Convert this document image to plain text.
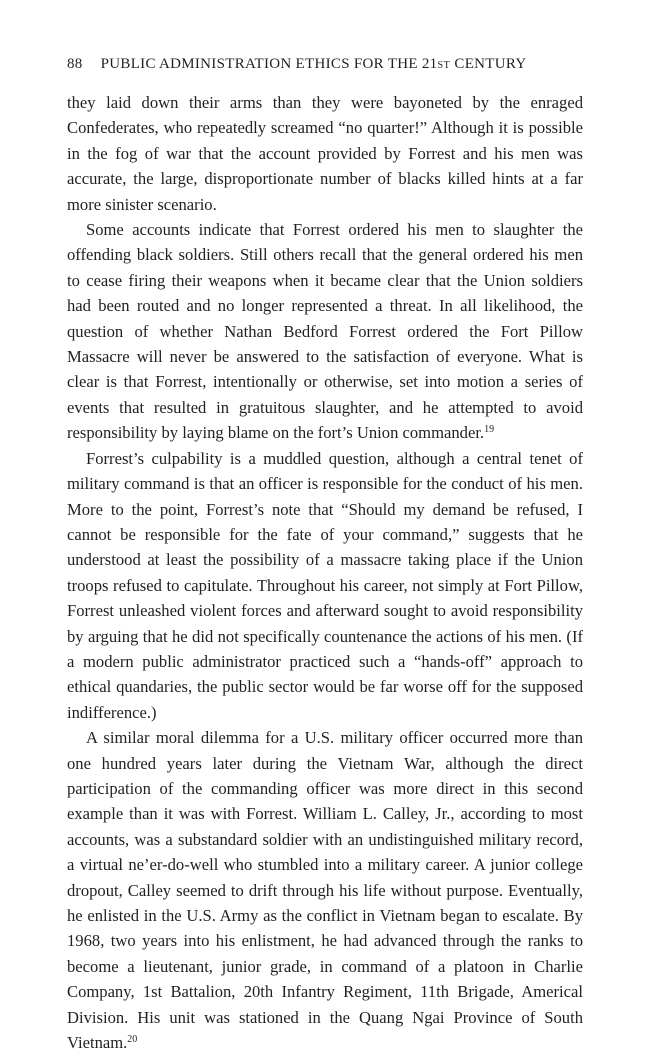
88 PUBLIC ADMINISTRATION ETHICS FOR THE 21ST CENTURY

they laid down their arms than they were bayoneted by the enraged Confederates, who repeatedly screamed “no quarter!” Although it is possible in the fog of war that the account provided by Forrest and his men was accurate, the large, disproportionate number of blacks killed hints at a far more sinister scenario.

Some accounts indicate that Forrest ordered his men to slaughter the offending black soldiers. Still others recall that the general ordered his men to cease firing their weapons when it became clear that the Union soldiers had been routed and no longer represented a threat. In all likelihood, the question of whether Nathan Bedford Forrest ordered the Fort Pillow Massacre will never be answered to the satisfaction of everyone. What is clear is that Forrest, intentionally or otherwise, set into motion a series of events that resulted in gratuitous slaughter, and he attempted to avoid responsibility by laying blame on the fort’s Union commander.$^{19}$

Forrest’s culpability is a muddled question, although a central tenet of military command is that an officer is responsible for the conduct of his men. More to the point, Forrest’s note that “Should my demand be refused, I cannot be responsible for the fate of your command,” suggests that he understood at least the possibility of a massacre taking place if the Union troops refused to capitulate. Throughout his career, not simply at Fort Pillow, Forrest unleashed violent forces and afterward sought to avoid responsibility by arguing that he did not specifically countenance the actions of his men. (If a modern public administrator practiced such a “hands-off” approach to ethical quandaries, the public sector would be far worse off for the supposed indifference.)

A similar moral dilemma for a U.S. military officer occurred more than one hundred years later during the Vietnam War, although the direct participation of the commanding officer was more direct in this second example than it was with Forrest. William L. Calley, Jr., according to most accounts, was a substandard soldier with an undistinguished military record, a virtual ne’er-do-well who stumbled into a military career. A junior college dropout, Calley seemed to drift through his life without purpose. Eventually, he enlisted in the U.S. Army as the conflict in Vietnam began to escalate. By 1968, two years into his enlistment, he had advanced through the ranks to become a lieutenant, junior grade, in command of a platoon in Charlie Company, 1st Battalion, 20th Infantry Regiment, 11th Brigade, Americal Division. His unit was stationed in the Quang Ngai Province of South Vietnam.$^{20}$
